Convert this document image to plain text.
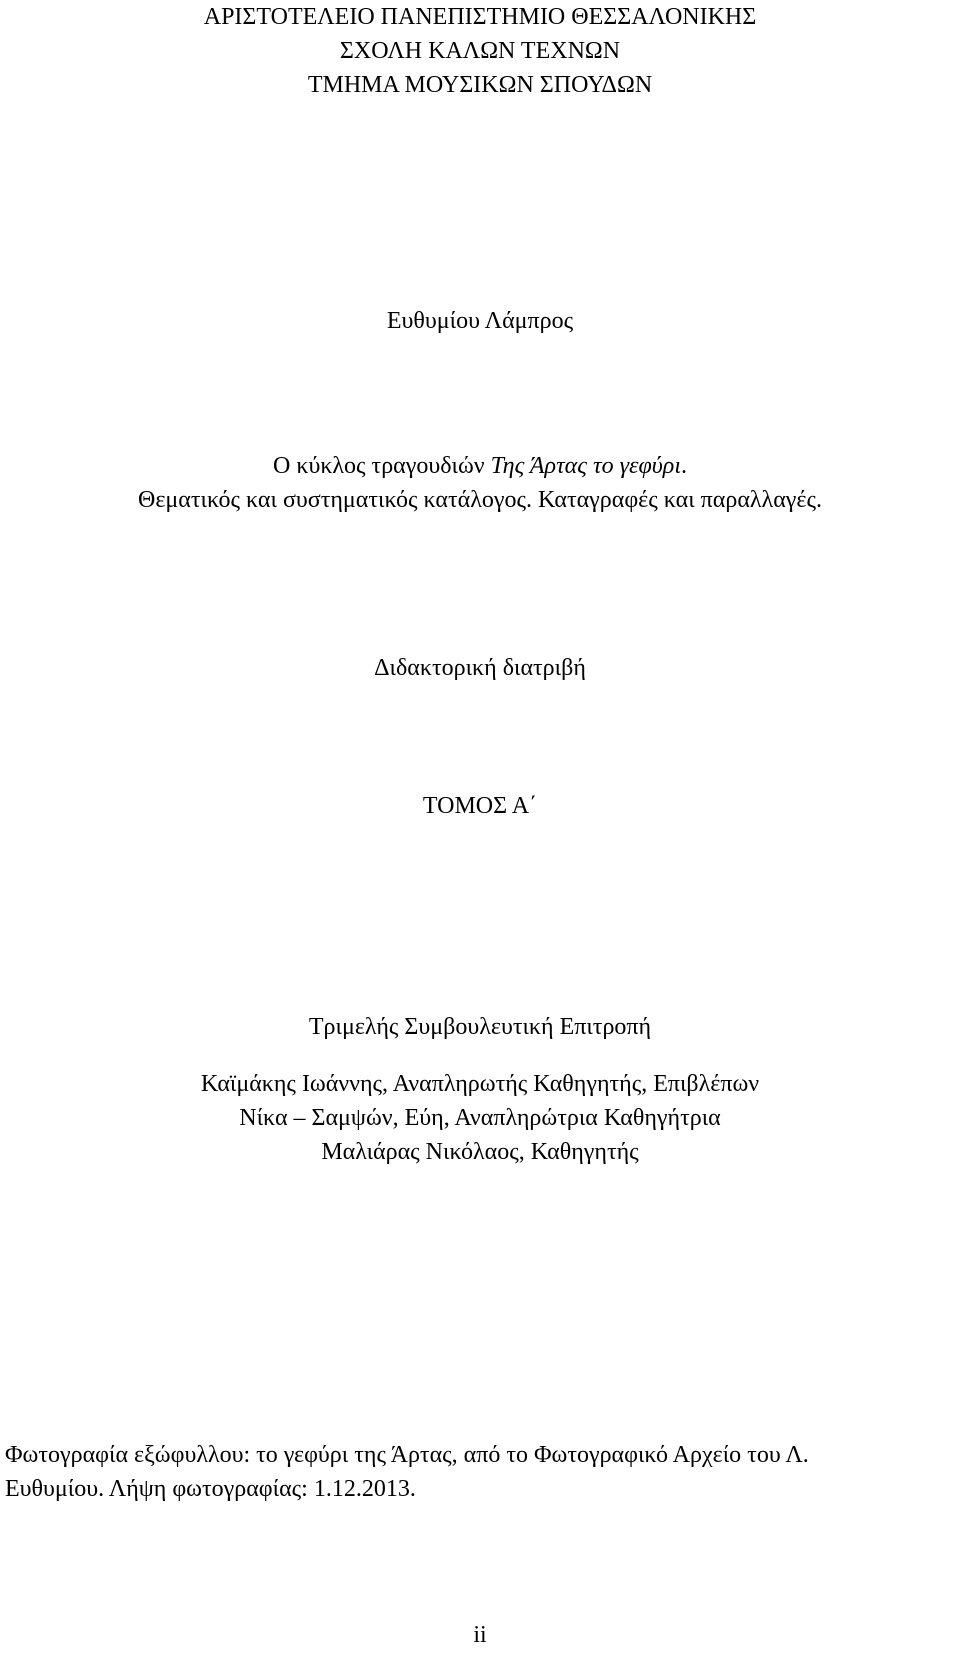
ΑΡΙΣΤΟΤΕΛΕΙΟ ΠΑΝΕΠΙΣΤΗΜΙΟ ΘΕΣΣΑΛΟΝΙΚΗΣ
ΣΧΟΛΗ ΚΑΛΩΝ ΤΕΧΝΩΝ
ΤΜΗΜΑ ΜΟΥΣΙΚΩΝ ΣΠΟΥΔΩΝ
Ευθυμίου Λάμπρος
Ο κύκλος τραγουδιών Της Άρτας το γεφύρι.
Θεματικός και συστηματικός κατάλογος. Καταγραφές και παραλλαγές.
Διδακτορική διατριβή
ΤΟΜΟΣ Α΄
Τριμελής Συμβουλευτική Επιτροπή
Καϊμάκης Ιωάννης, Αναπληρωτής Καθηγητής, Επιβλέπων
Νίκα – Σαμψών, Εύη, Αναπληρώτρια Καθηγήτρια
Μαλιάρας Νικόλαος, Καθηγητής
Φωτογραφία εξώφυλλου: το γεφύρι της Άρτας, από το Φωτογραφικό Αρχείο του Λ.
Ευθυμίου. Λήψη φωτογραφίας: 1.12.2013.
ii
